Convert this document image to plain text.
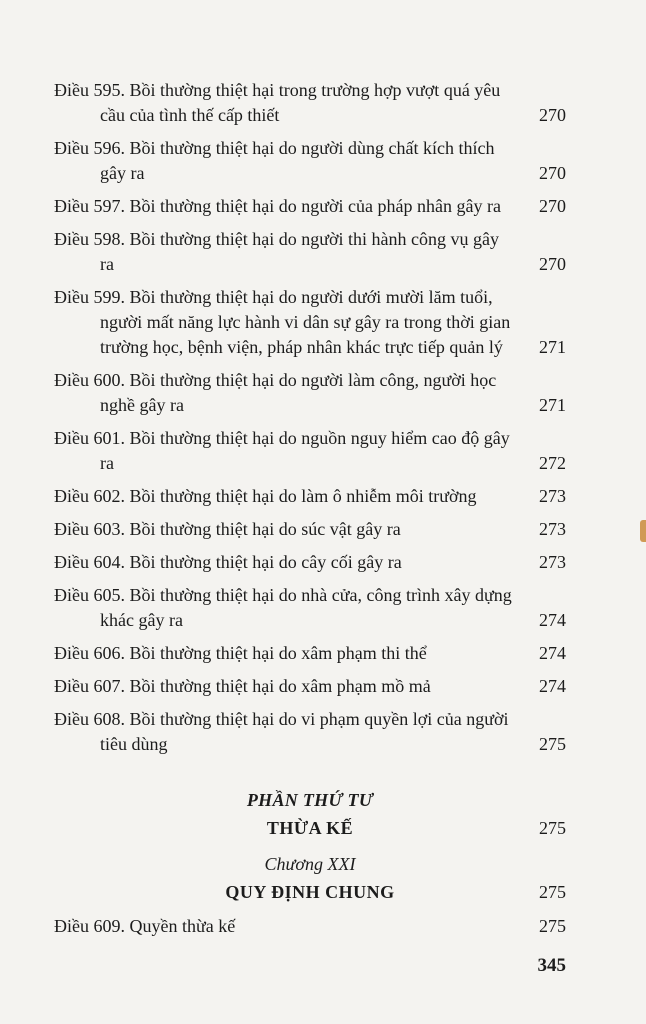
Điều 595. Bồi thường thiệt hại trong trường hợp vượt quá yêu cầu của tình thế cấp thiết	270
Điều 596. Bồi thường thiệt hại do người dùng chất kích thích gây ra	270
Điều 597. Bồi thường thiệt hại do người của pháp nhân gây ra	270
Điều 598. Bồi thường thiệt hại do người thi hành công vụ gây ra	270
Điều 599. Bồi thường thiệt hại do người dưới mười lăm tuổi, người mất năng lực hành vi dân sự gây ra trong thời gian trường học, bệnh viện, pháp nhân khác trực tiếp quản lý	271
Điều 600. Bồi thường thiệt hại do người làm công, người học nghề gây ra	271
Điều 601. Bồi thường thiệt hại do nguồn nguy hiểm cao độ gây ra	272
Điều 602. Bồi thường thiệt hại do làm ô nhiễm môi trường	273
Điều 603. Bồi thường thiệt hại do súc vật gây ra	273
Điều 604. Bồi thường thiệt hại do cây cối gây ra	273
Điều 605. Bồi thường thiệt hại do nhà cửa, công trình xây dựng khác gây ra	274
Điều 606. Bồi thường thiệt hại do xâm phạm thi thể	274
Điều 607. Bồi thường thiệt hại do xâm phạm mồ mả	274
Điều 608. Bồi thường thiệt hại do vi phạm quyền lợi của người tiêu dùng	275
PHẦN THỨ TƯ
THỪA KẾ	275
Chương XXI
QUY ĐỊNH CHUNG	275
Điều 609. Quyền thừa kế	275
345
